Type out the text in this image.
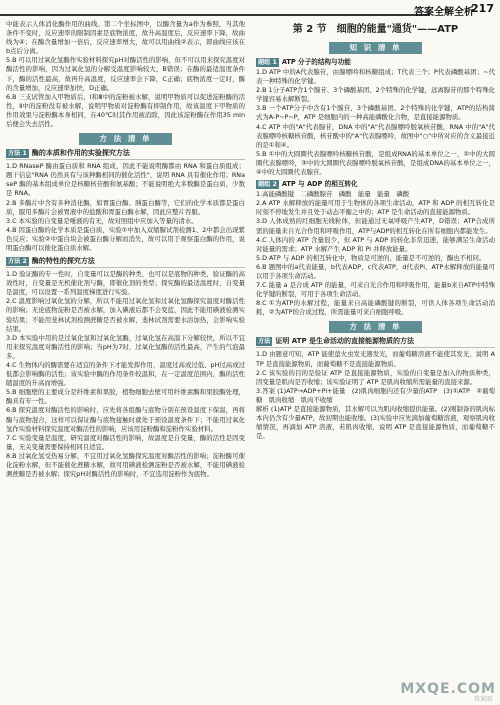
答案全解全析
217

中能表示人体消化酶作用的曲线。第二个坐标图中，以酶含量为a作为参照，当其他条件不变时，反应速率的限制因素是底物浓度，故升高温度后，反应速率下降，故曲线为④；在酶含量增加一倍后，反应速率增大，故可以用曲线②表示，即曲线应该在b点后分离。

5.B 可以用过氧化氢酶作实验材料探究pH对酶活性的影响，但不可以用来探究温度对酶活性的影响，因为过氧化氢的分解受温度影响较大，B错误；在酶的最适温度条件下，酶的活性最高，故再升高温度，反应速率会下降，C正确；底物浓度一定时，酶的含量增加，反应速率加快，D正确。

6.B 三支试管加入甲物质后，Ⅰ和Ⅲ中的淀粉被水解，说明甲物质可以促进淀粉酶的活性，Ⅱ中的淀粉没有被水解，说明甲物质对淀粉酶有抑制作用，故该温度下甲物质的作用效果与淀粉酶本身相同，在40℃时其作用被消除，因此该淀粉酶在作用35 min后便会失去活性。

方 法 清 单
方法 1 酶的本质和作用的实验探究方法

1.D RNaseP 酶由蛋白质和 RNA 组成，因此不能说明酶都由 RNA 和蛋白质组成；题干信息"RNA 仍然具有与该种酶相同的催化活性"，说明 RNA 具有催化作用；RNaseP 酶的基本组成单位是核糖核苷酸和氨基酸；不能说明绝大多数酶是蛋白质，少数是 RNA。

2.B 多酶片中含有多种消化酶，如胃蛋白酶、胰蛋白酶等，它们的化学本质都是蛋白质，服用多酶片会被胃液中的盐酸和胃蛋白酶水解，因此应整片吞服。

3.C 本实验的自变量是唾液的有无，故对照组中应加入等量的清水。

4.B 因蛋白酶的化学本质是蛋白质，实验①中加入双缩脲试剂检测1、2中都会出现紫色反应；实验②中蛋白块会被蛋白酶分解而消失，故可以用于观察蛋白酶的作用，说明蛋白酶可以催化蛋白质水解。

方法 2 酶的特性的探究方法

1.D 验证酶的专一性时，自变量可以是酶的种类，也可以是底物的种类，验证酶的高效性时，自变量是无机催化剂与酶，即催化剂的类型；探究酶的最适温度时，自变量是温度，可以设置一系列温度梯度进行实验。

2.C 温度影响过氧化氢的分解，所以不能用过氧化氢和过氧化氢酶探究温度对酶活性的影响；无论底物淀粉是否被水解，加入碘液后都不会变蓝，因此不能用碘液检测实验结果；不能用斐林试剂检测蔗糖是否被水解，斐林试剂需要水浴加热，会影响实验结果。

3.D 本实验中用的是过氧化氢和过氧化氢酶，过氧化氢在高温下分解较快，所以不宜用来探究温度对酶活性的影响；当pH为7时，过氧化氢酶的活性最高，产生的气泡最多。

4.C 生物体内的酶需要在适宜的条件下才能发挥作用，温度过高或过低、pH过高或过低都会影响酶的活性；该实验中酶的作用条件较温和，在一定温度范围内，酶的活性随温度的升高而增强。

5.B 细胞壁的主要成分是纤维素和果胶，植物细胞去壁可用纤维素酶和果胶酶处理，酶具有专一性。

6.B 探究温度对酶活性的影响时，应先将各组酶与底物分别在预设温度下保温，再将酶与底物混合，这样可以保证酶与底物接触时就处于预设温度条件下；不能用过氧化氢作实验材料探究温度对酶活性的影响，应该用淀粉酶和淀粉作实验材料。

7.C 实验变量是温度，研究温度对酶活性的影响，故温度是自变量，酶的活性是因变量，无关变量需要保持相同且适宜。

8.B 过氧化氢受热易分解，不宜用过氧化氢酶探究温度对酶活性的影响；淀粉酶可催化淀粉水解，但不能催化蔗糖水解，故可用碘液检测淀粉是否被水解，不能用碘液检测蔗糖是否被水解；探究pH对酶活性的影响时，不宜选用淀粉作为底物。

第 2 节　细胞的能量"通货"——ATP
知 识 清 单
题组 1 ATP 分子的结构与功能

1.D ATP 中的A代表腺苷，由腺嘌呤和核糖组成；T代表三个；P代表磷酸基团；~代表一种特殊的化学键。

2.B 1分子ATP含1个腺苷、3个磷酸基团、2个特殊的化学键，远离腺苷的那个特殊化学键容易水解断裂。

3.B 一个ATP分子中含有1个腺苷、3个磷酸基团、2个特殊的化学键，ATP的结构简式为A-P~P~P，ATP 是细胞内的一种高能磷酸化合物，是直接能源物质。

4.C ATP 中的"A"代表腺苷，DNA 中的"A"代表腺嘌呤脱氧核苷酸，RNA 中的"A"代表腺嘌呤核糖核苷酸，核苷酸中的"A"代表腺嘌呤，故图中"○"中所对应的含义最接近的是①和④。

5.B ①中的大圆圈代表腺嘌呤核糖核苷酸，是组成RNA的基本单位之一，②中的大圆圈代表腺嘌呤，③中的大圆圈代表腺嘌呤脱氧核苷酸，是组成DNA的基本单位之一，④中的大圆圈代表腺苷。

题组 2 ATP 与 ADP 的相互转化

1.高能磷酸键　二磷酸腺苷　磷酸　能量　能量　磷酸

2.A ATP 水解释放的能量可用于生物体的各项生命活动，ATP 和 ADP 的相互转化是时刻不停地发生并且处于动态平衡之中的；ATP 是生命活动的直接能源物质。

3.D 人体成熟的红细胞无线粒体，但能通过无氧呼吸产生ATP，D错误；ATP合成所需的能量来自光合作用和呼吸作用，ATP与ADP的相互转化在所有细胞内都能发生。

4.C 人体内的 ATP 含量很少，但 ATP 与 ADP 的转化非常迅速，能够满足生命活动对能量的需求；ATP 水解产生 ADP 和 Pi 并释放能量。

5.D ATP 与 ADP 的相互转化中，物质是可逆的，能量是不可逆的，酶也不相同。

6.B 题图中的a代表能量，b代表ADP，c代表ATP，d代表Pi，ATP水解释放的能量可以用于各项生命活动。

7.C 能量 a 是合成 ATP 的能量，可来自光合作用和呼吸作用，能量b来自ATP中特殊化学键的断裂，可用于各项生命活动。

8.C ①为ATP的水解过程，能量来自高能磷酸键的断裂，可供人体各项生命活动消耗，②为ATP的合成过程，所需能量可来自细胞呼吸。

方 法 清 单
方法 证明 ATP 是生命活动的直接能源物质的方法

1.D 由题意可知，ATP 能使萤火虫发光器发光，而葡萄糖溶液不能使其发光，说明 ATP 是直接能源物质，而葡萄糖不是直接能源物质。

2.C 该实验的目的是验证 ATP 是直接能源物质，实验的自变量是加入的物质种类，因变量是肌肉是否收缩；该实验证明了 ATP 是肌肉收缩所需能量的直接来源。

3.答案 (1)ATP→ADP+Pi+能量　(2)肌肉细胞内还有少量的ATP　(3)①ATP　②葡萄糖　肌肉收缩　肌肉不收缩

解析 (1)ATP 是直接能源物质，其水解可以为肌肉收缩提供能量。(2)刚制备的肌肉标本内仍含有少量ATP，故初期也能收缩。(3)实验中应先滴加葡萄糖溶液，观察肌肉收缩情况，再滴加 ATP 溶液，若肌肉收缩，说明 ATP 是直接能源物质，而葡萄糖不是。

MXQE.COM
答案圈
